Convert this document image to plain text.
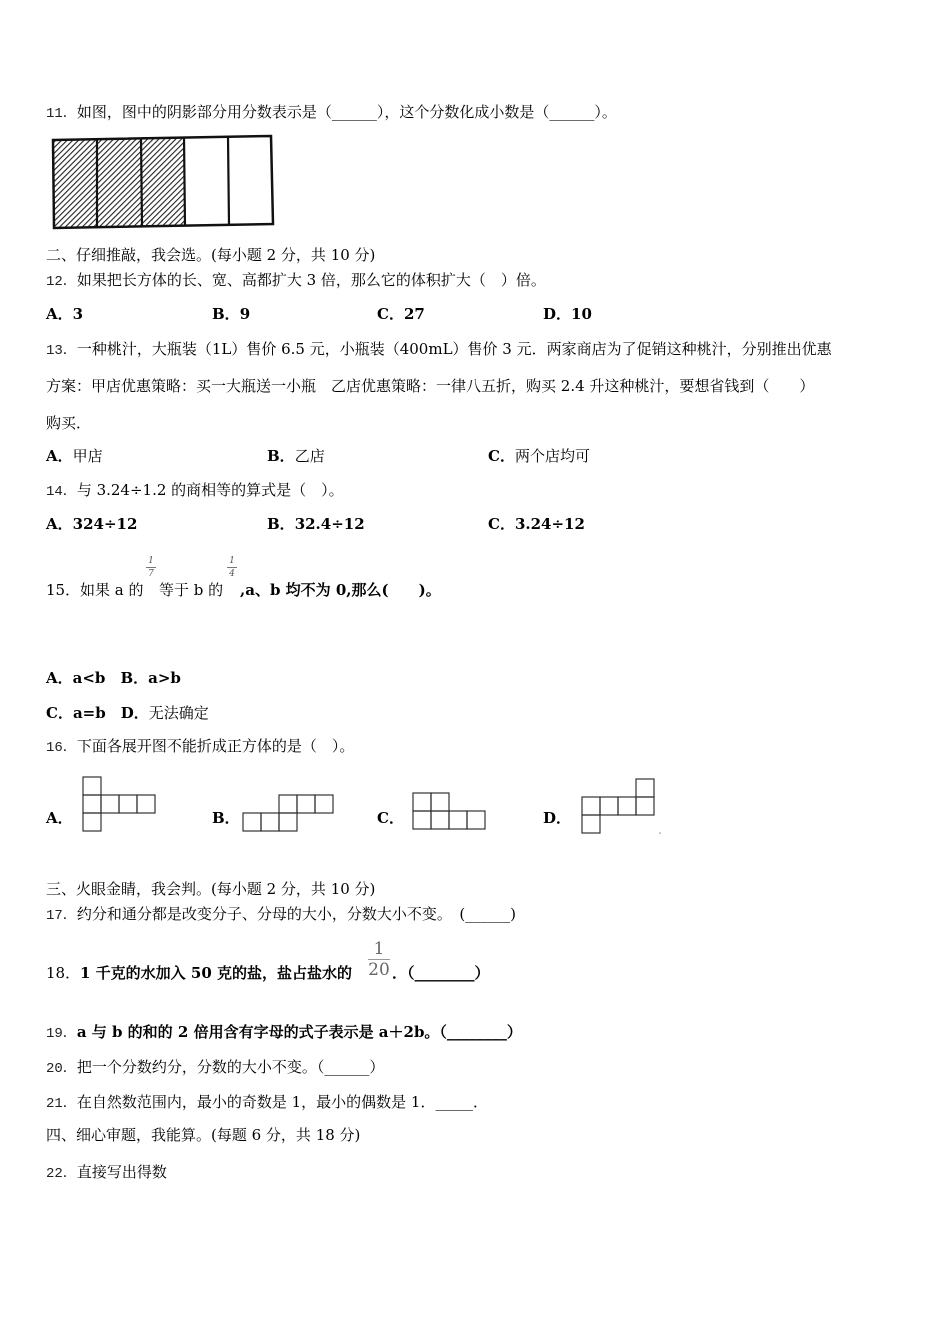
11．如图，图中的阴影部分用分数表示是（______），这个分数化成小数是（______）。
二、仔细推敲，我会选。(每小题 2 分，共 10 分)
12．如果把长方体的长、宽、高都扩大 3 倍，那么它的体积扩大（　）倍。
A．3	B．9	C．27	D．10
13．一种桃汁，大瓶装（1L）售价 6.5 元，小瓶装（400mL）售价 3 元．两家商店为了促销这种桃汁，分别推出优惠
方案：甲店优惠策略：买一大瓶送一小瓶　乙店优惠策略：一律八五折，购买 2.4 升这种桃汁，要想省钱到（　　）
购买．
A．甲店	B．乙店	C．两个店均可
14．与 3.24÷1.2 的商相等的算式是（　）。
A．324÷12	B．32.4÷12	C．3.24÷12
15． 如果 a 的
1
7
等于 b 的
1
4
,a、b 均不为 0,那么(　　)。
A．a<b　 B．a>b
C．a=b　 D．无法确定
16．下面各展开图不能折成正方体的是（　）。
A．	B．	C．	D．
三、火眼金睛，我会判。(每小题 2 分，共 10 分)
17．约分和通分都是改变分子、分母的大小，分数大小不变。　(______)
18． 1 千克的水加入 50 克的盐，盐占盐水的
1
20 ．（________）
19．a 与 b 的和的 2 倍用含有字母的式子表示是 a＋2b。（________）
20．把一个分数约分，分数的大小不变。（______）
21．在自然数范围内，最小的奇数是 1，最小的偶数是 1．_____．
四、细心审题，我能算。(每题 6 分，共 18 分)
22．直接写出得数
